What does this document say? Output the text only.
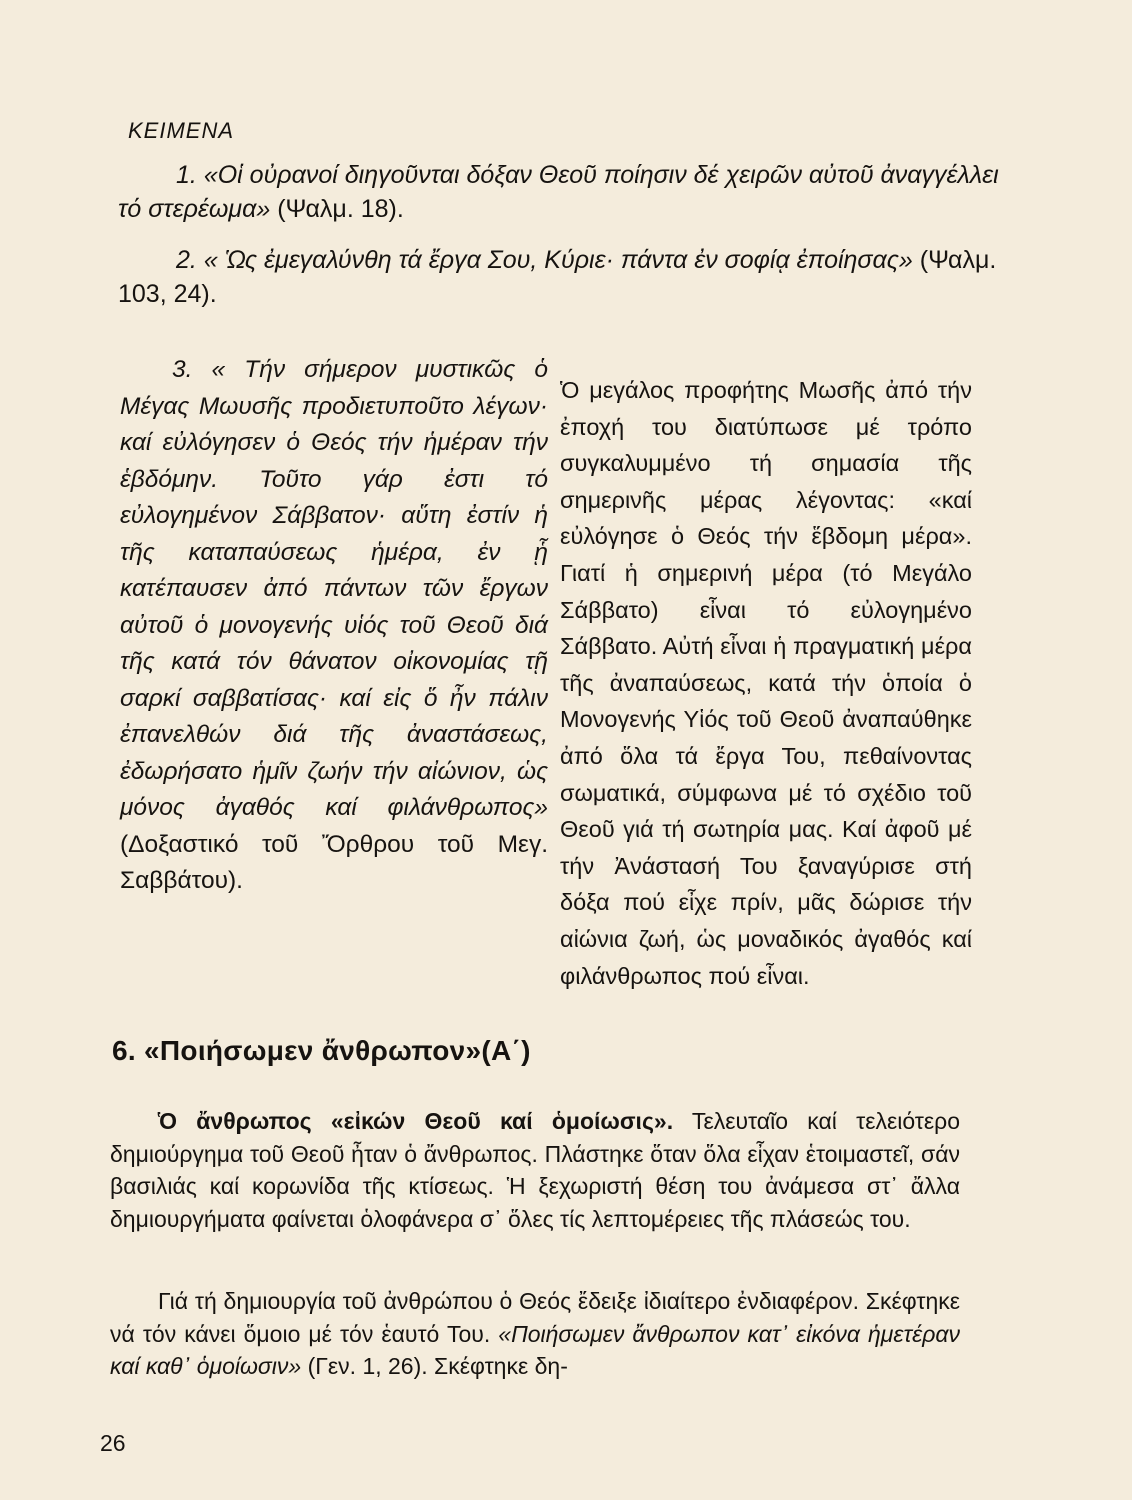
ΚΕΙΜΕΝΑ
1. «Οἱ οὐρανοί διηγοῦνται δόξαν Θεοῦ ποίησιν δέ χειρῶν αὐτοῦ ἀναγγέλλει τό στερέωμα» (Ψαλμ. 18).
2. « Ὡς ἐμεγαλύνθη τά ἔργα Σου, Κύριε· πάντα ἐν σοφίᾳ ἐποίησας» (Ψαλμ. 103, 24).
3. « Τήν σήμερον μυστικῶς ὁ Μέγας Μωυσῆς προδιετυποῦτο λέγων· καί εὐλόγησεν ὁ Θεός τήν ἡμέραν τήν ἑβδόμην. Τοῦτο γάρ ἐστι τό εὐλογημένον Σάββατον· αὕτη ἐστίν ἡ τῆς καταπαύσεως ἡμέρα, ἐν ᾗ κατέπαυσεν ἀπό πάντων τῶν ἔργων αὐτοῦ ὁ μονογενής υἱός τοῦ Θεοῦ διά τῆς κατά τόν θάνατον οἰκονομίας τῇ σαρκί σαββατίσας· καί εἰς ὅ ἦν πάλιν ἐπανελθών διά τῆς ἀναστάσεως, ἐδωρήσατο ἡμῖν ζωήν τήν αἰώνιον, ὡς μόνος ἀγαθός καί φιλάνθρωπος» (Δοξαστικό τοῦ Ὄρθρου τοῦ Μεγ. Σαββάτου).
Ὁ μεγάλος προφήτης Μωσῆς ἀπό τήν ἐποχή του διατύπωσε μέ τρόπο συγκαλυμμένο τή σημασία τῆς σημερινῆς μέρας λέγοντας: «καί εὐλόγησε ὁ Θεός τήν ἕβδομη μέρα». Γιατί ἡ σημερινή μέρα (τό Μεγάλο Σάββατο) εἶναι τό εὐλογημένο Σάββατο. Αὐτή εἶναι ἡ πραγματική μέρα τῆς ἀναπαύσεως, κατά τήν ὁποία ὁ Μονογενής Υἱός τοῦ Θεοῦ ἀναπαύθηκε ἀπό ὅλα τά ἔργα Του, πεθαίνοντας σωματικά, σύμφωνα μέ τό σχέδιο τοῦ Θεοῦ γιά τή σωτηρία μας. Καί ἀφοῦ μέ τήν Ἀνάστασή Του ξαναγύρισε στή δόξα πού εἶχε πρίν, μᾶς δώρισε τήν αἰώνια ζωή, ὡς μοναδικός ἀγαθός καί φιλάνθρωπος πού εἶναι.
6. «Ποιήσωμεν ἄνθρωπον»(Α΄)
Ὁ ἄνθρωπος «εἰκών Θεοῦ καί ὁμοίωσις». Τελευταῖο καί τελειότερο δημιούργημα τοῦ Θεοῦ ἦταν ὁ ἄνθρωπος. Πλάστηκε ὅταν ὅλα εἶχαν ἑτοιμαστεῖ, σάν βασιλιάς καί κορωνίδα τῆς κτίσεως. Ἡ ξεχωριστή θέση του ἀνάμεσα στ᾽ ἄλλα δημιουργήματα φαίνεται ὁλοφάνερα σ᾽ ὅλες τίς λεπτομέρειες τῆς πλάσεώς του.
Γιά τή δημιουργία τοῦ ἀνθρώπου ὁ Θεός ἔδειξε ἰδιαίτερο ἐνδιαφέρον. Σκέφτηκε νά τόν κάνει ὅμοιο μέ τόν ἑαυτό Του. «Ποιήσωμεν ἄνθρωπον κατ᾽ εἰκόνα ἡμετέραν καί καθ᾽ ὁμοίωσιν» (Γεν. 1, 26). Σκέφτηκε δη-
26
